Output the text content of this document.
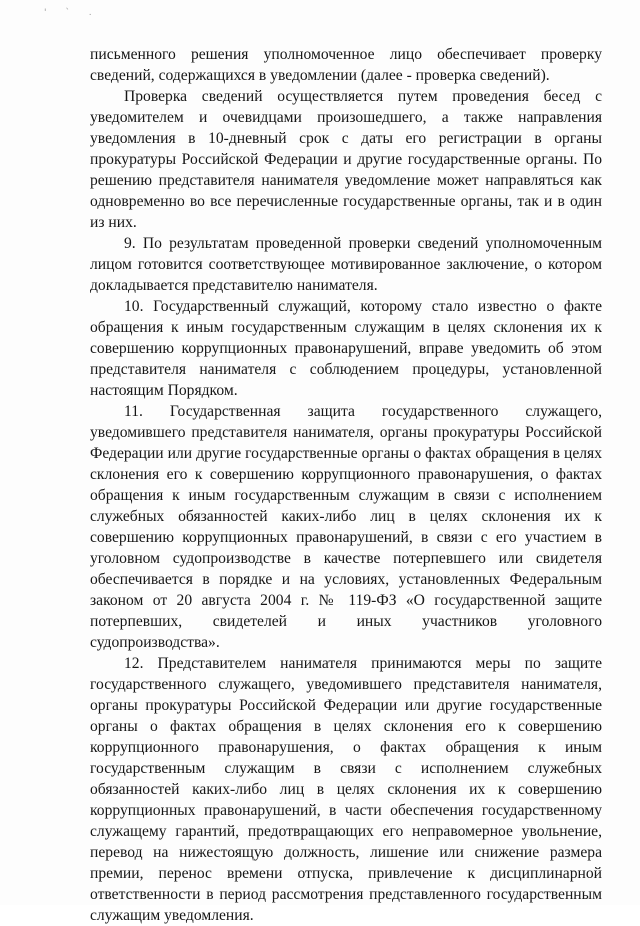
' ` .

письменного решения уполномоченное лицо обеспечивает проверку сведений, содержащихся в уведомлении (далее - проверка сведений).

Проверка сведений осуществляется путем проведения бесед с уведомителем и очевидцами произошедшего, а также направления уведомления в 10-дневный срок с даты его регистрации в органы прокуратуры Российской Федерации и другие государственные органы. По решению представителя нанимателя уведомление может направляться как одновременно во все перечисленные государственные органы, так и в один из них.

9. По результатам проведенной проверки сведений уполномоченным лицом готовится соответствующее мотивированное заключение, о котором докладывается представителю нанимателя.

10. Государственный служащий, которому стало известно о факте обращения к иным государственным служащим в целях склонения их к совершению коррупционных правонарушений, вправе уведомить об этом представителя нанимателя с соблюдением процедуры, установленной настоящим Порядком.

11. Государственная защита государственного служащего, уведомившего представителя нанимателя, органы прокуратуры Российской Федерации или другие государственные органы о фактах обращения в целях склонения его к совершению коррупционного правонарушения, о фактах обращения к иным государственным служащим в связи с исполнением служебных обязанностей каких-либо лиц в целях склонения их к совершению коррупционных правонарушений, в связи с его участием в уголовном судопроизводстве в качестве потерпевшего или свидетеля обеспечивается в порядке и на условиях, установленных Федеральным законом от 20 августа 2004 г. № 119-ФЗ «О государственной защите потерпевших, свидетелей и иных участников уголовного судопроизводства».

12. Представителем нанимателя принимаются меры по защите государственного служащего, уведомившего представителя нанимателя, органы прокуратуры Российской Федерации или другие государственные органы о фактах обращения в целях склонения его к совершению коррупционного правонарушения, о фактах обращения к иным государственным служащим в связи с исполнением служебных обязанностей каких-либо лиц в целях склонения их к совершению коррупционных правонарушений, в части обеспечения государственному служащему гарантий, предотвращающих его неправомерное увольнение, перевод на нижестоящую должность, лишение или снижение размера премии, перенос времени отпуска, привлечение к дисциплинарной ответственности в период рассмотрения представленного государственным служащим уведомления.
